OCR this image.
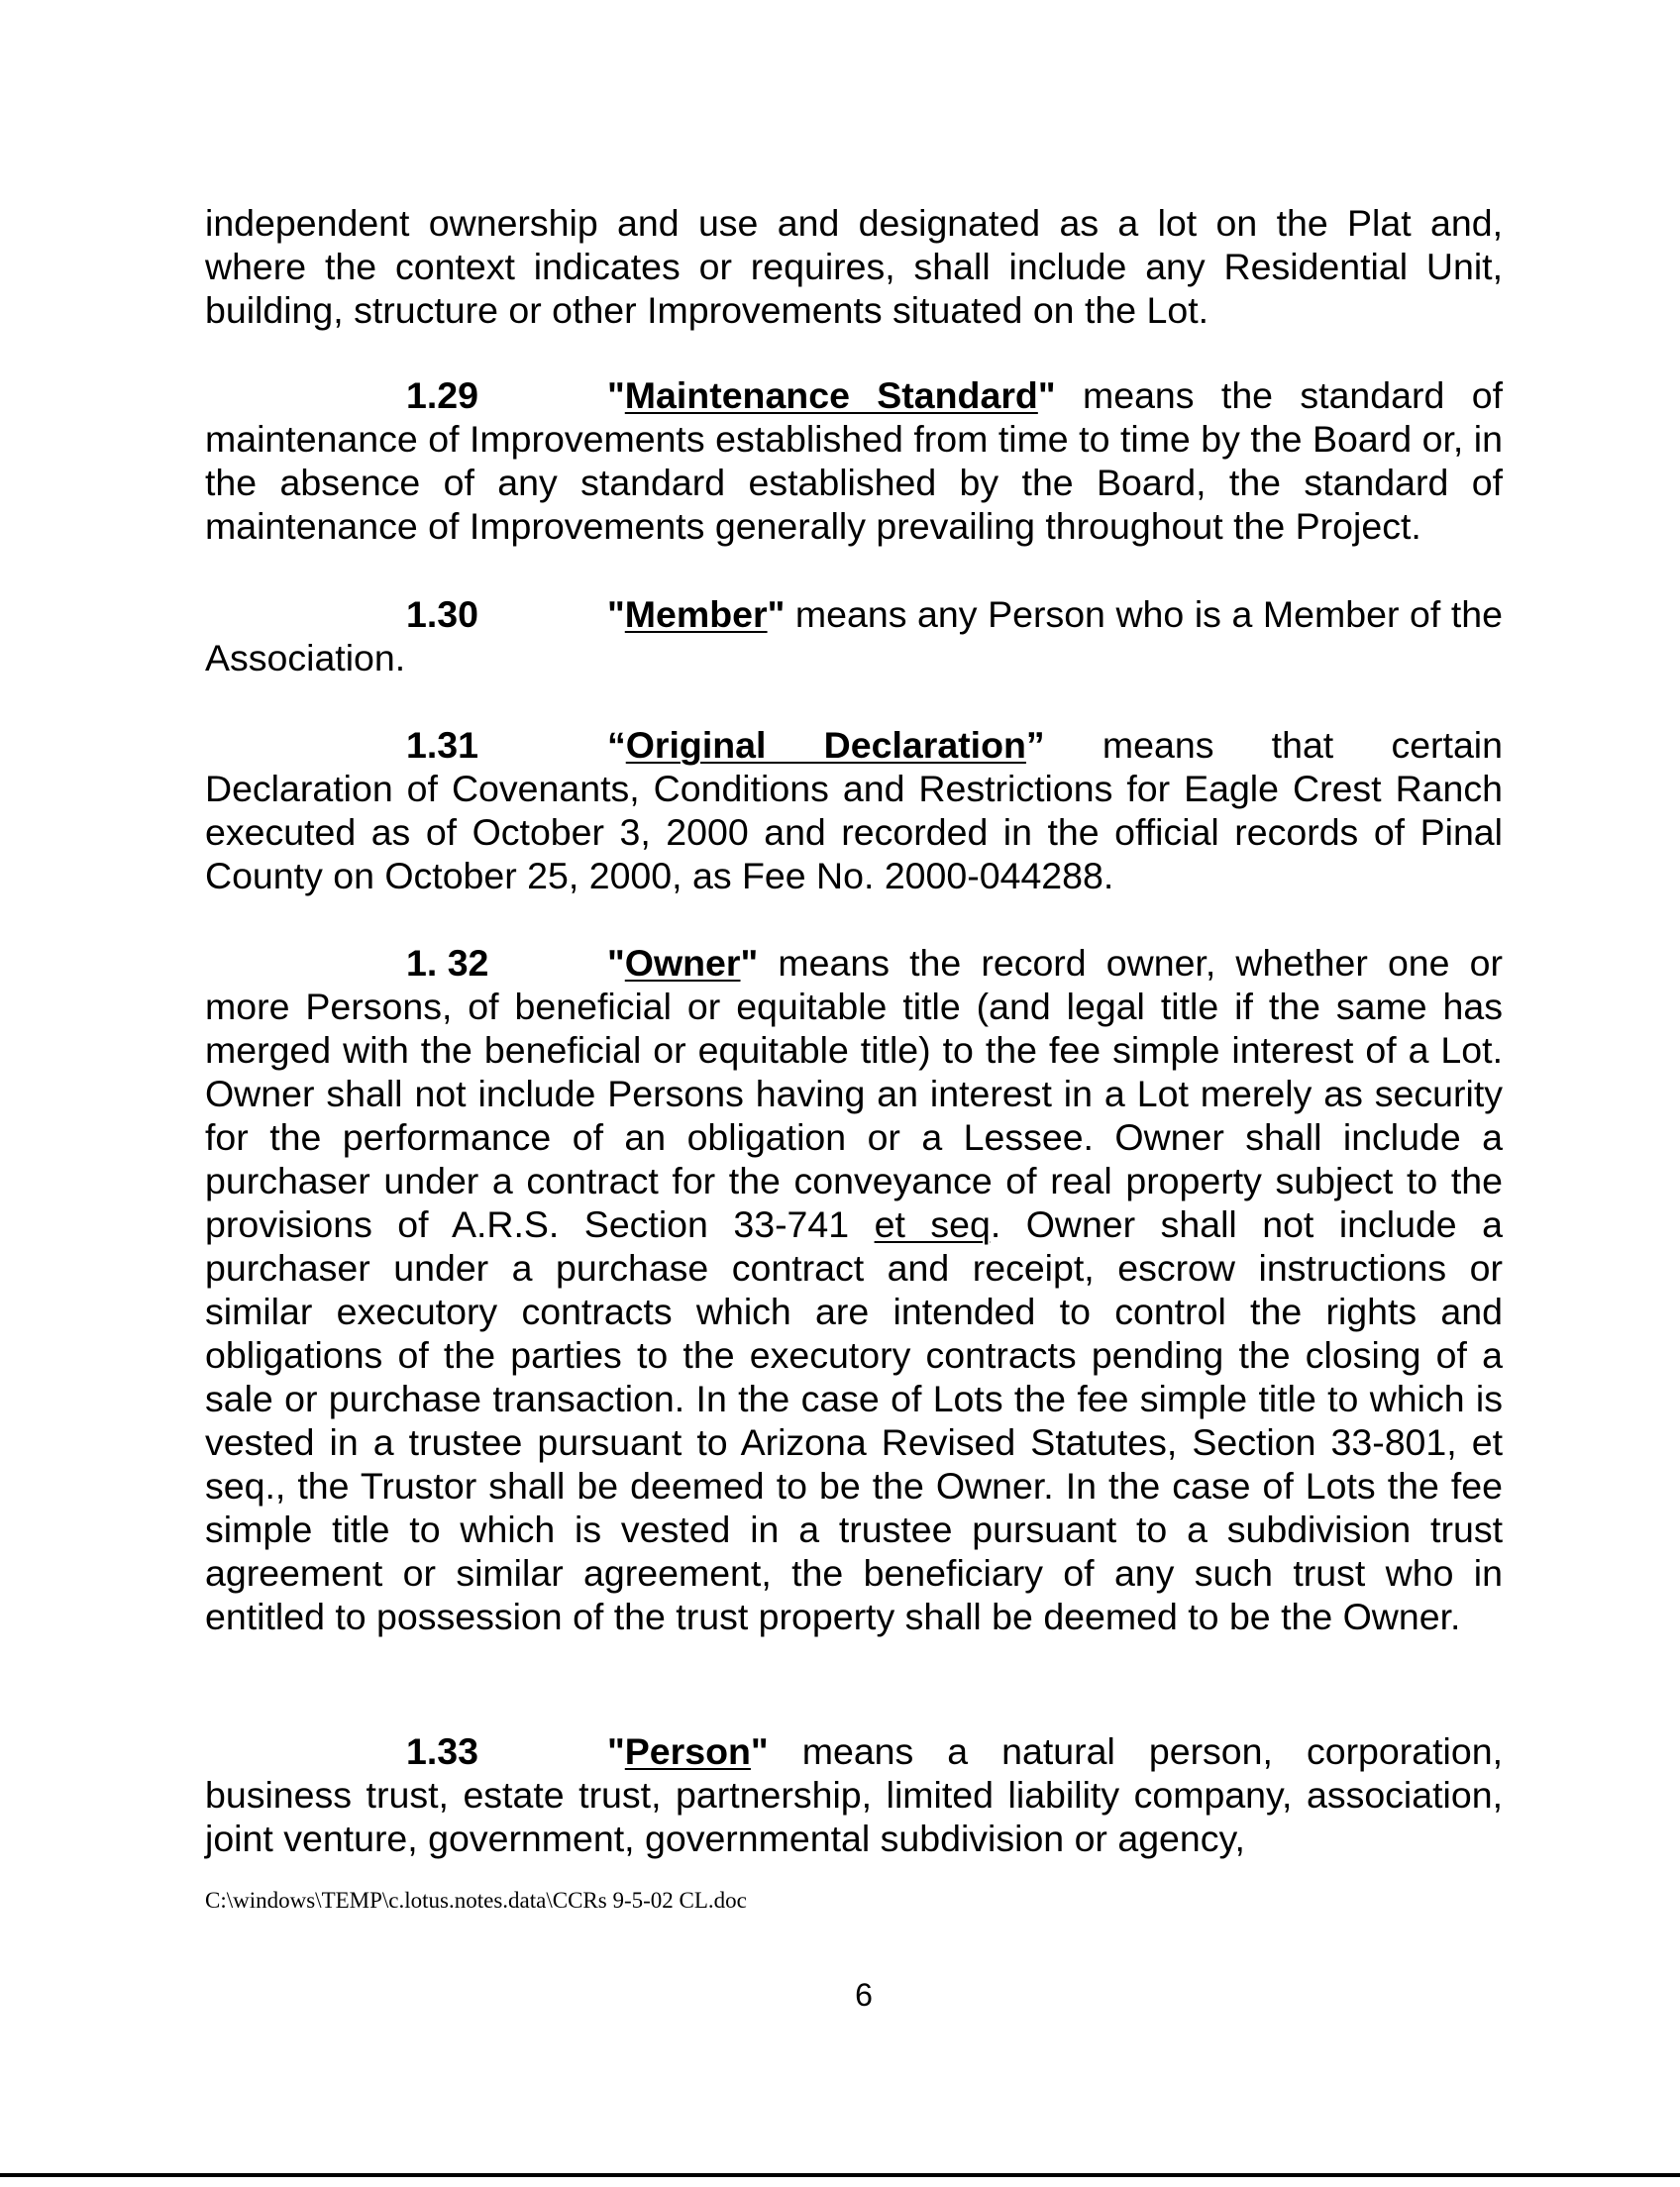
independent ownership and use and designated as a lot on the Plat and, where the context indicates or requires, shall include any Residential Unit, building, structure or other Improvements situated on the Lot.

1.29	"Maintenance Standard" means the standard of maintenance of Improvements established from time to time by the Board or, in the absence of any standard established by the Board, the standard of maintenance of Improvements generally prevailing throughout the Project.

1.30	"Member" means any Person who is a Member of the Association.

1.31	“Original Declaration” means that certain Declaration of Covenants, Conditions and Restrictions for Eagle Crest Ranch executed as of October 3, 2000 and recorded in the official records of Pinal County on October 25, 2000, as Fee No. 2000-044288.

1. 32	"Owner" means the record owner, whether one or more Persons, of beneficial or equitable title (and legal title if the same has merged with the beneficial or equitable title) to the fee simple interest of a Lot. Owner shall not include Persons having an interest in a Lot merely as security for the performance of an obligation or a Lessee. Owner shall include a purchaser under a contract for the conveyance of real property subject to the provisions of A.R.S. Section 33-741 et seq. Owner shall not include a purchaser under a purchase contract and receipt, escrow instructions or similar executory contracts which are intended to control the rights and obligations of the parties to the executory contracts pending the closing of a sale or purchase transaction. In the case of Lots the fee simple title to which is vested in a trustee pursuant to Arizona Revised Statutes, Section 33-801, et seq., the Trustor shall be deemed to be the Owner. In the case of Lots the fee simple title to which is vested in a trustee pursuant to a subdivision trust agreement or similar agreement, the beneficiary of any such trust who in entitled to possession of the trust property shall be deemed to be the Owner.

1.33	"Person" means a natural person, corporation, business trust, estate trust, partnership, limited liability company, association, joint venture, government, governmental subdivision or agency,

C:\windows\TEMP\c.lotus.notes.data\CCRs 9-5-02 CL.doc
6
